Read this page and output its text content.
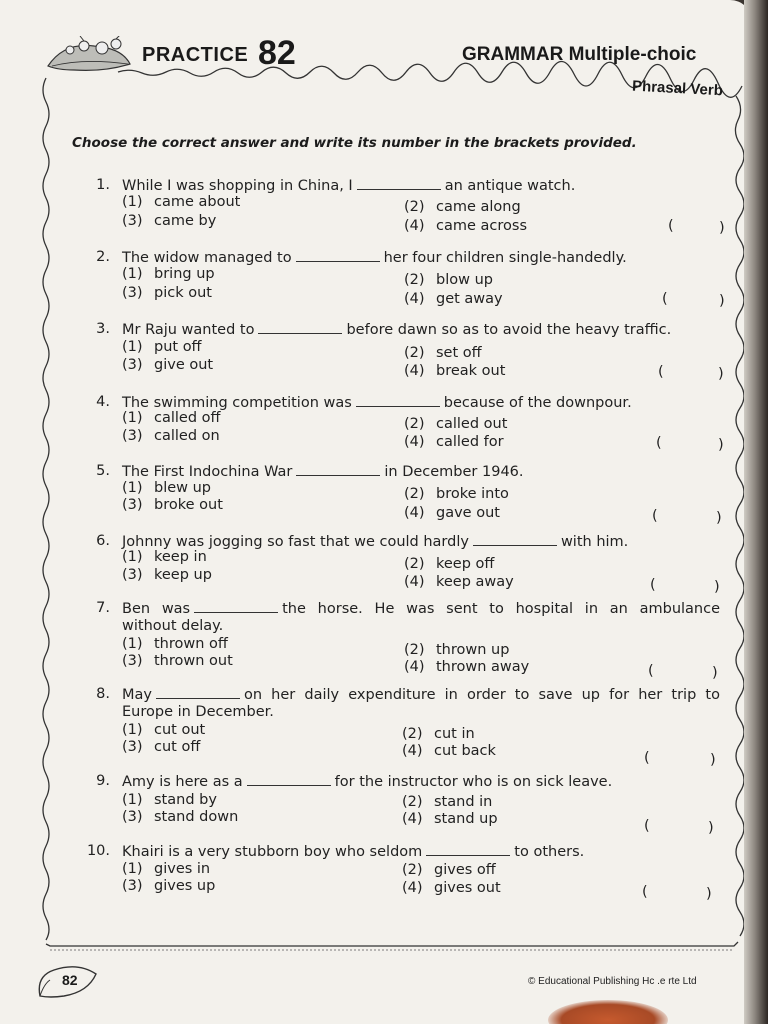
PRACTICE 82	GRAMMAR Multiple-choic
Phrasal Verb
Choose the correct answer and write its number in the brackets provided.
1. While I was shopping in China, I	an antique watch.
(1) came about	(2) came along
(3) came by	(4) came across	(	)
2. The widow managed to	her four children single-handedly.
(1) bring up	(2) blow up
(3) pick out	(4) get away	(	)
3. Mr Raju wanted to	before dawn so as to avoid the heavy traffic.
(1) put off	(2) set off
(3) give out	(4) break out	(	)
4. The swimming competition was	because of the downpour.
(1) called off	(2) called out
(3) called on	(4) called for	(	)
5. The First Indochina War	in December 1946.
(1) blew up	(2) broke into
(3) broke out	(4) gave out	(	)
6. Johnny was jogging so fast that we could hardly	with him.
(1) keep in	(2) keep off
(3) keep up	(4) keep away	(	)
7. Ben was	the horse. He was sent to hospital in an ambulance
without delay.
(1) thrown off	(2) thrown up
(3) thrown out	(4) thrown away	(	)
8. May	on her daily expenditure in order to save up for her trip to
Europe in December.
(1) cut out	(2) cut in
(3) cut off	(4) cut back	(	)
9. Amy is here as a	for the instructor who is on sick leave.
(1) stand by	(2) stand in
(3) stand down	(4) stand up	(	)
10. Khairi is a very stubborn boy who seldom	to others.
(1) gives in	(2) gives off
(3) gives up	(4) gives out	(	)
82	© Educational Publishing Hc .e rte Ltd
